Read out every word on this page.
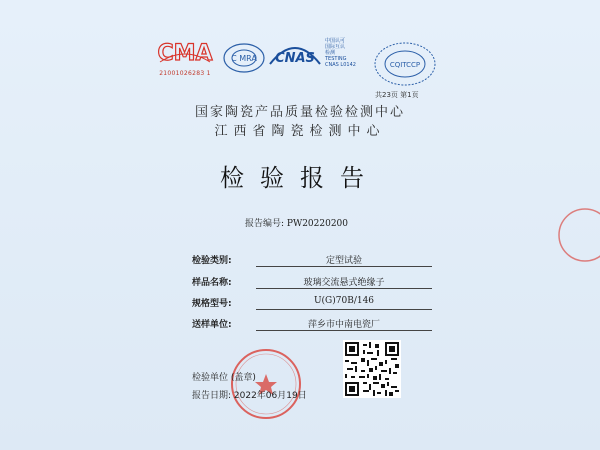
CMA
21001026283 1
C MRA CNAS
中国认可
国际互认
检测
TESTING
CNAS L0142	CQITCCP
共23页 第1页
国家陶瓷产品质量检验检测中心
江西省陶瓷检测中心
检验报告
报告编号: PW20220200
检验类别:	定型试验
样品名称:	玻璃交流悬式绝缘子
规格型号:	U(G)70B/146
送样单位:	萍乡市中南电瓷厂
检验单位 (盖章)
报告日期: 2022年06月19日
